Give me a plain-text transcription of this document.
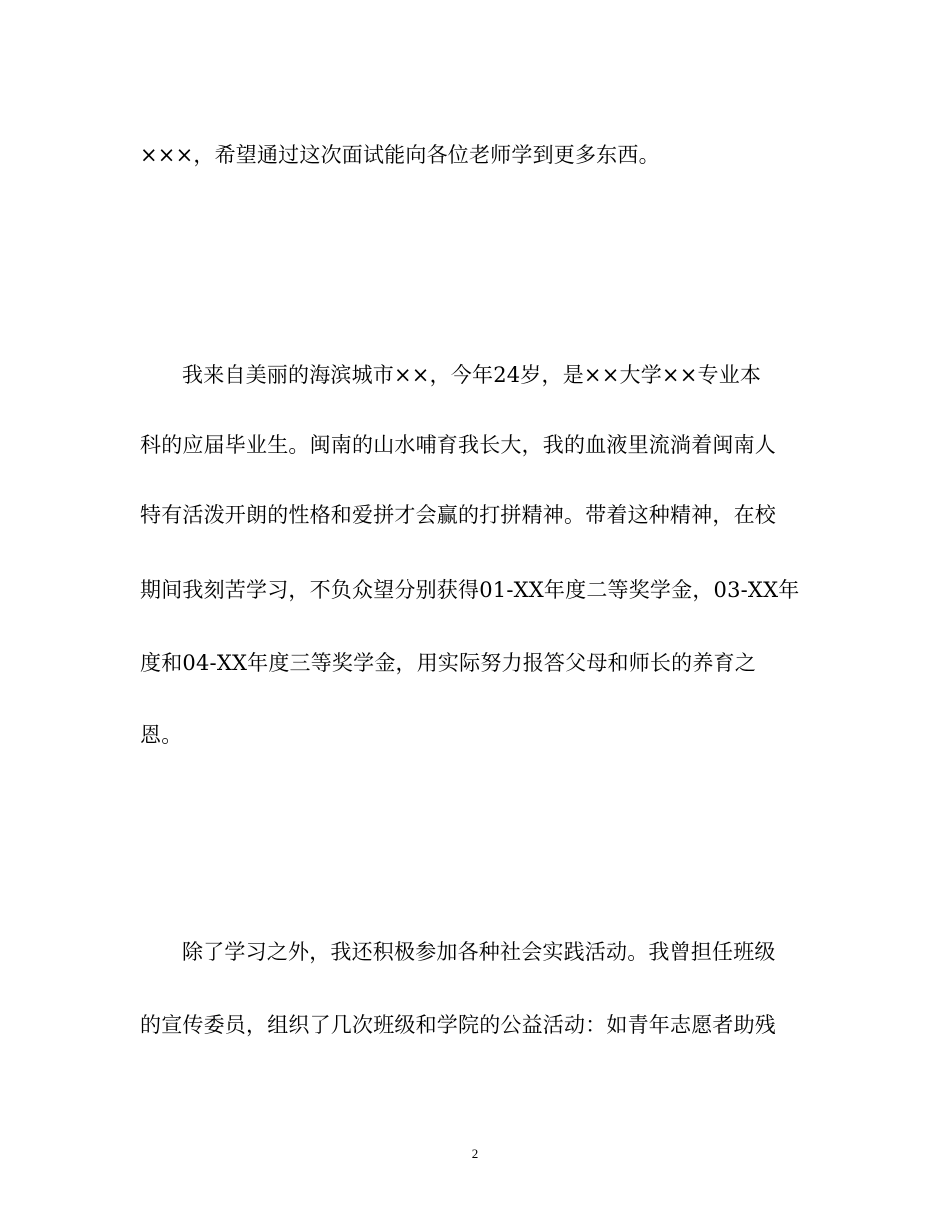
×××，希望通过这次面试能向各位老师学到更多东西。
我来自美丽的海滨城市××，今年24岁，是××大学××专业本
科的应届毕业生。闽南的山水哺育我长大，我的血液里流淌着闽南人
特有活泼开朗的性格和爱拼才会赢的打拼精神。带着这种精神，在校
期间我刻苦学习，不负众望分别获得01-XX年度二等奖学金，03-XX年
度和04-XX年度三等奖学金，用实际努力报答父母和师长的养育之
恩。
除了学习之外，我还积极参加各种社会实践活动。我曾担任班级
的宣传委员，组织了几次班级和学院的公益活动：如青年志愿者助残
2
